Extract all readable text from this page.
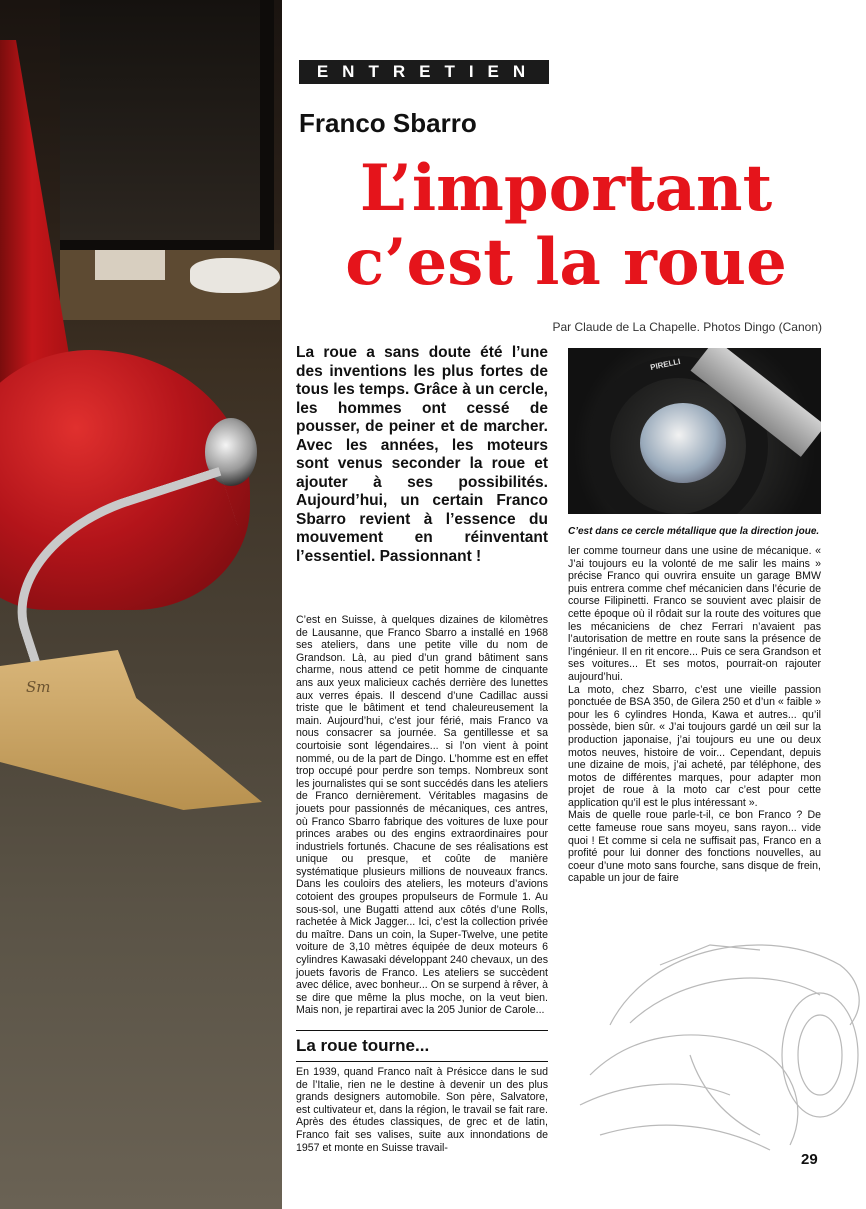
Sm
ENTRETIEN
Franco Sbarro
L’important
c’est la roue
Par Claude de La Chapelle. Photos Dingo (Canon)
La roue a sans doute été l’une des inventions les plus fortes de tous les temps. Grâce à un cercle, les hommes ont cessé de pousser, de peiner et de marcher. Avec les années, les moteurs sont venus seconder la roue et ajouter à ses possibilités. Aujourd’hui, un certain Franco Sbarro revient à l’essence du mouvement en réinventant l’essentiel. Passionnant !

C’est en Suisse, à quelques dizaines de kilomètres de Lausanne, que Franco Sbarro a installé en 1968 ses ateliers, dans une petite ville du nom de Grandson. Là, au pied d’un grand bâtiment sans charme, nous attend ce petit homme de cinquante ans aux yeux malicieux cachés derrière des lunettes aux verres épais. Il descend d’une Cadillac aussi triste que le bâtiment et tend chaleureusement la main. Aujourd’hui, c’est jour férié, mais Franco va nous consacrer sa journée. Sa gentillesse et sa courtoisie sont légendaires... si l’on vient à point nommé, ou de la part de Dingo. L’homme est en effet trop occupé pour perdre son temps. Nombreux sont les journalistes qui se sont succédés dans les ateliers de Franco dernièrement. Véritables magasins de jouets pour passionnés de mécaniques, ces antres, où Franco Sbarro fabrique des voitures de luxe pour princes arabes ou des engins extraordinaires pour industriels fortunés. Chacune de ses réalisations est unique ou presque, et coûte de manière systématique plusieurs millions de nouveaux francs. Dans les couloirs des ateliers, les moteurs d’avions cotoient des groupes propulseurs de Formule 1. Au sous-sol, une Bugatti attend aux côtés d’une Rolls, rachetée à Mick Jagger... Ici, c’est la collection privée du maître. Dans un coin, la Super-Twelve, une petite voiture de 3,10 mètres équipée de deux moteurs 6 cylindres Kawasaki développant 240 chevaux, un des jouets favoris de Franco. Les ateliers se succèdent avec délice, avec bonheur... On se surpend à rêver, à se dire que même la plus moche, on la veut bien. Mais non, je repartirai avec la 205 Junior de Carole...

La roue tourne...

En 1939, quand Franco naît à Présicce dans le sud de l’Italie, rien ne le destine à devenir un des plus grands designers automobile. Son père, Salvatore, est cultivateur et, dans la région, le travail se fait rare. Après des études classiques, de grec et de latin, Franco fait ses valises, suite aux innondations de 1957 et monte en Suisse travail-

PIRELLI
C’est dans ce cercle métallique que la direction joue.

ler comme tourneur dans une usine de mécanique. « J’ai toujours eu la volonté de me salir les mains » précise Franco qui ouvrira ensuite un garage BMW puis entrera comme chef mécanicien dans l’écurie de course Filipinetti. Franco se souvient avec plaisir de cette époque où il rôdait sur la route des voitures que les mécaniciens de chez Ferrari n’avaient pas l’autorisation de mettre en route sans la présence de l’ingénieur. Il en rit encore... Puis ce sera Grandson et ses voitures... Et ses motos, pourrait-on rajouter aujourd’hui.

La moto, chez Sbarro, c’est une vieille passion ponctuée de BSA 350, de Gilera 250 et d’un « faible » pour les 6 cylindres Honda, Kawa et autres... qu’il possède, bien sûr. « J’ai toujours gardé un œil sur la production japonaise, j’ai toujours eu une ou deux motos neuves, histoire de voir... Cependant, depuis une dizaine de mois, j’ai acheté, par téléphone, des motos de différentes marques, pour adapter mon projet de roue à la moto car c’est pour cette application qu’il est le plus intéressant ».

Mais de quelle roue parle-t-il, ce bon Franco ? De cette fameuse roue sans moyeu, sans rayon... vide quoi ! Et comme si cela ne suffisait pas, Franco en a profité pour lui donner des fonctions nouvelles, au coeur d’une moto sans fourche, sans disque de frein, capable un jour de faire

29
